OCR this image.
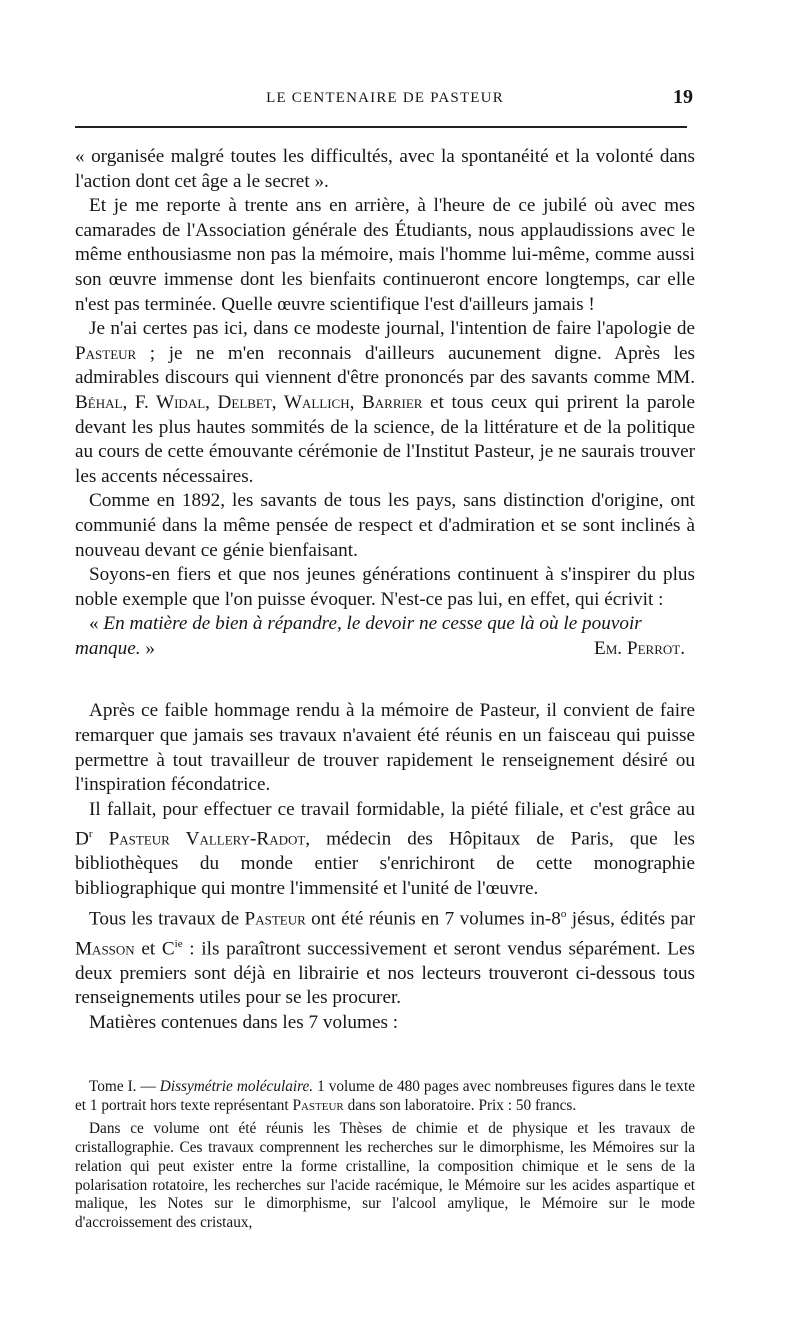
LE CENTENAIRE DE PASTEUR	19

« organisée malgré toutes les difficultés, avec la spontanéité et la volonté dans l'action dont cet âge a le secret ».

Et je me reporte à trente ans en arrière, à l'heure de ce jubilé où avec mes camarades de l'Association générale des Étudiants, nous applaudissions avec le même enthousiasme non pas la mémoire, mais l'homme lui-même, comme aussi son œuvre immense dont les bienfaits continueront encore longtemps, car elle n'est pas terminée. Quelle œuvre scientifique l'est d'ailleurs jamais !

Je n'ai certes pas ici, dans ce modeste journal, l'intention de faire l'apologie de Pasteur ; je ne m'en reconnais d'ailleurs aucunement digne. Après les admirables discours qui viennent d'être prononcés par des savants comme MM. Béhal, F. Widal, Delbet, Wallich, Barrier et tous ceux qui prirent la parole devant les plus hautes sommités de la science, de la littérature et de la politique au cours de cette émouvante cérémonie de l'Institut Pasteur, je ne saurais trouver les accents nécessaires.

Comme en 1892, les savants de tous les pays, sans distinction d'origine, ont communié dans la même pensée de respect et d'admiration et se sont inclinés à nouveau devant ce génie bienfaisant.

Soyons-en fiers et que nos jeunes générations continuent à s'inspirer du plus noble exemple que l'on puisse évoquer. N'est-ce pas lui, en effet, qui écrivit :

« En matière de bien à répandre, le devoir ne cesse que là où le pouvoir
manque. »	Em. Perrot.

Après ce faible hommage rendu à la mémoire de Pasteur, il convient de faire remarquer que jamais ses travaux n'avaient été réunis en un faisceau qui puisse permettre à tout travailleur de trouver rapidement le renseignement désiré ou l'inspiration fécondatrice.

Il fallait, pour effectuer ce travail formidable, la piété filiale, et c'est grâce au $D^r$ Pasteur Vallery-Radot, médecin des Hôpitaux de Paris, que les bibliothèques du monde entier s'enrichiront de cette monographie bibliographique qui montre l'immensité et l'unité de l'œuvre.

Tous les travaux de Pasteur ont été réunis en 7 volumes in-8$^o$ jésus, édités par Masson et $C^{ie}$ : ils paraîtront successivement et seront vendus séparément. Les deux premiers sont déjà en librairie et nos lecteurs trouveront ci-dessous tous renseignements utiles pour se les procurer.

Matières contenues dans les 7 volumes :

Tome I. — Dissymétrie moléculaire. 1 volume de 480 pages avec nombreuses figures dans le texte et 1 portrait hors texte représentant Pasteur dans son laboratoire. Prix : 50 francs.

Dans ce volume ont été réunis les Thèses de chimie et de physique et les travaux de cristallographie. Ces travaux comprennent les recherches sur le dimorphisme, les Mémoires sur la relation qui peut exister entre la forme cristalline, la composition chimique et le sens de la polarisation rotatoire, les recherches sur l'acide racémique, le Mémoire sur les acides aspartique et malique, les Notes sur le dimorphisme, sur l'alcool amylique, le Mémoire sur le mode d'accroissement des cristaux,
